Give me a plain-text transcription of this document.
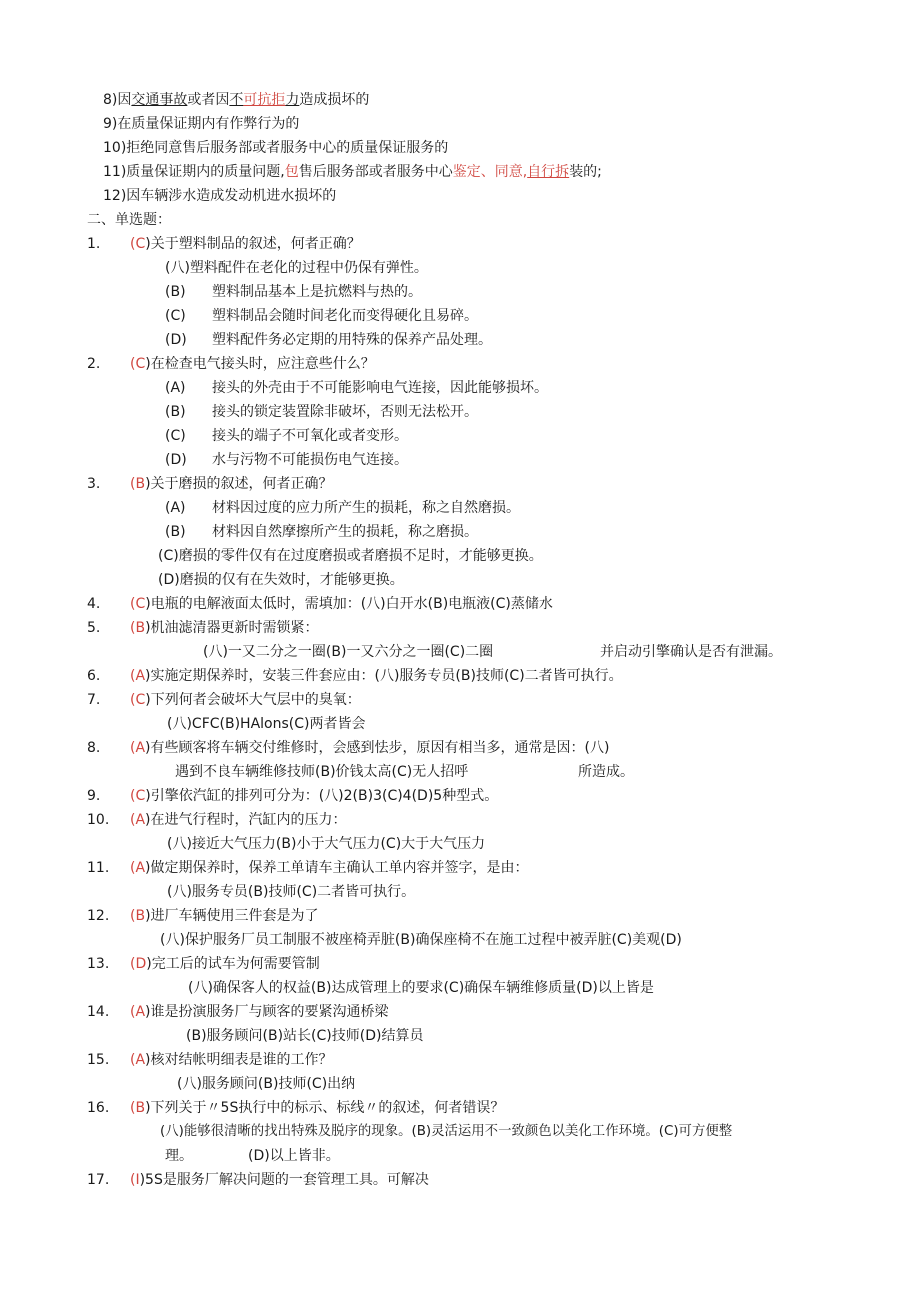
8)因交通事故或者因不可抗拒力造成损坏的
9)在质量保证期内有作弊行为的
10)拒绝同意售后服务部或者服务中心的质量保证服务的
11)质量保证期内的质量问题,包售后服务部或者服务中心鉴定、同意,自行拆装的;
12)因车辆涉水造成发动机进水损坏的
二、单选题：
1. (C)关于塑料制品的叙述，何者正确？
(八)塑料配件在老化的过程中仍保有弹性。
(B) 塑料制品基本上是抗燃料与热的。
(C) 塑料制品会随时间老化而变得硬化且易碎。
(D) 塑料配件务必定期的用特殊的保养产品处理。
2. (C)在检查电气接头时，应注意些什么？
(A) 接头的外壳由于不可能影响电气连接，因此能够损坏。
(B) 接头的锁定装置除非破坏，否则无法松开。
(C) 接头的端子不可氧化或者变形。
(D) 水与污物不可能损伤电气连接。
3. (B)关于磨损的叙述，何者正确？
(A) 材料因过度的应力所产生的损耗，称之自然磨损。
(B) 材料因自然摩擦所产生的损耗，称之磨损。
(C)磨损的零件仅有在过度磨损或者磨损不足时，才能够更换。
(D)磨损的仅有在失效时，才能够更换。
4. (C)电瓶的电解液面太低时，需填加：(八)白开水(B)电瓶液(C)蒸储水
5. (B)机油滤清器更新时需锁紧：
(八)一又二分之一圈(B)一又六分之一圈(C)二圈	并启动引擎确认是否有泄漏。
6. (A)实施定期保养时，安装三件套应由：(八)服务专员(B)技师(C)二者皆可执行。
7. (C)下列何者会破坏大气层中的臭氧：
(八)CFC(B)HAlons(C)两者皆会
8. (A)有些顾客将车辆交付维修时，会感到怯步，原因有相当多，通常是因：(八)
遇到不良车辆维修技师(B)价钱太高(C)无人招呼	所造成。
9. (C)引擎依汽缸的排列可分为：(八)2(B)3(C)4(D)5种型式。
10. (A)在进气行程时，汽缸内的压力：
(八)接近大气压力(B)小于大气压力(C)大于大气压力
11. (A)做定期保养时，保养工单请车主确认工单内容并签字，是由：
(八)服务专员(B)技师(C)二者皆可执行。
12. (B)进厂车辆使用三件套是为了
(八)保护服务厂员工制服不被座椅弄脏(B)确保座椅不在施工过程中被弄脏(C)美观(D)
13. (D)完工后的试车为何需要管制
(八)确保客人的权益(B)达成管理上的要求(C)确保车辆维修质量(D)以上皆是
14. (A)谁是扮演服务厂与顾客的要紧沟通桥梁
(B)服务顾问(B)站长(C)技师(D)结算员
15. (A)核对结帐明细表是谁的工作？
(八)服务顾问(B)技师(C)出纳
16. (B)下列关于〃5S执行中的标示、标线〃的叙述，何者错误？
(八)能够很清晰的找出特殊及脱序的现象。(B)灵活运用不一致颜色以美化工作环境。(C)可方便整
理。	(D)以上皆非。
17. (I)5S是服务厂解决问题的一套管理工具。可解决
